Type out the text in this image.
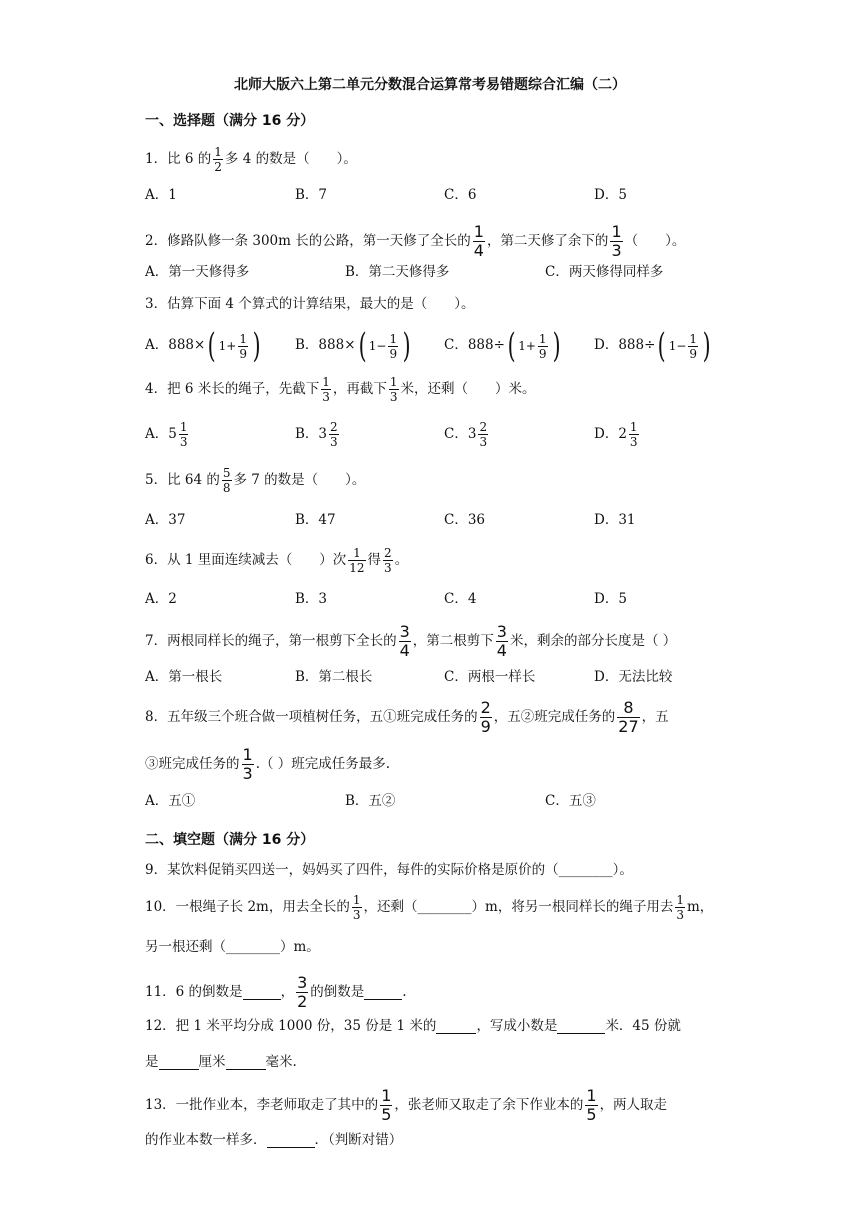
北师大版六上第二单元分数混合运算常考易错题综合汇编（二）
一、选择题（满分 16 分）
1．比 6 的 $\frac{1}{2}$ 多 4 的数是（　　）。
A．1	B．7	C．6	D．5
2．修路队修一条 300m 长的公路，第一天修了全长的 $\frac{1}{4}$ ，第二天修了余下的 $\frac{1}{3}$ （　　）。
A．第一天修得多	B．第二天修得多	C．两天修得同样多
3．估算下面 4 个算式的计算结果，最大的是（　　）。
A． 888× ( $1+ \frac{1}{9}$ )	B． 888× ( $1- \frac{1}{9}$ ) C． 888÷ ( $1+ \frac{1}{9}$ )	D． 888÷ ( $1- \frac{1}{9}$ )
4．把 6 米长的绳子，先截下 $\frac{1}{3}$ ，再截下 $\frac{1}{3}$ 米，还剩（　　）米。
A． $5 \frac{1}{3}$	B． $3 \frac{2}{3}$	C． $3 \frac{2}{3}$	D． $2 \frac{1}{3}$
5．比 64 的 $\frac{5}{8}$ 多 7 的数是（　　）。
A．37	B．47	C．36	D．31
6．从 1 里面连续减去（　　）次 $\frac{1}{12}$ 得 $\frac{2}{3}$ 。
A．2	B．3	C．4	D．5
7．两根同样长的绳子，第一根剪下全长的 $\frac{3}{4}$ ，第二根剪下 $\frac{3}{4}$ 米，剩余的部分长度是（ ）
A．第一根长	B．第二根长	C．两根一样长	D．无法比较
8．五年级三个班合做一项植树任务，五①班完成任务的 $\frac{2}{9}$ ，五②班完成任务的 $\frac{8}{27}$ ，五
③班完成任务的 $\frac{1}{3}$ .（ ）班完成任务最多.
A．五①	B．五②	C．五③
二、填空题（满分 16 分）
9．某饮料促销买四送一，妈妈买了四件，每件的实际价格是原价的（________）。
10．一根绳子长 2m，用去全长的 $\frac{1}{3}$ ，还剩（________）m，将另一根同样长的绳子用去 $\frac{1}{3}$ m，
另一根还剩（________）m。
11．6 的倒数是	， $\frac{3}{2}$ 的倒数是	.
12．把 1 米平均分成 1000 份，35 份是 1 米的	，写成小数是	米．45 份就
是	厘米	毫米.
13．一批作业本，李老师取走了其中的 $\frac{1}{5}$ ，张老师又取走了余下作业本的 $\frac{1}{5}$ ，两人取走
的作业本数一样多．	．（判断对错）
